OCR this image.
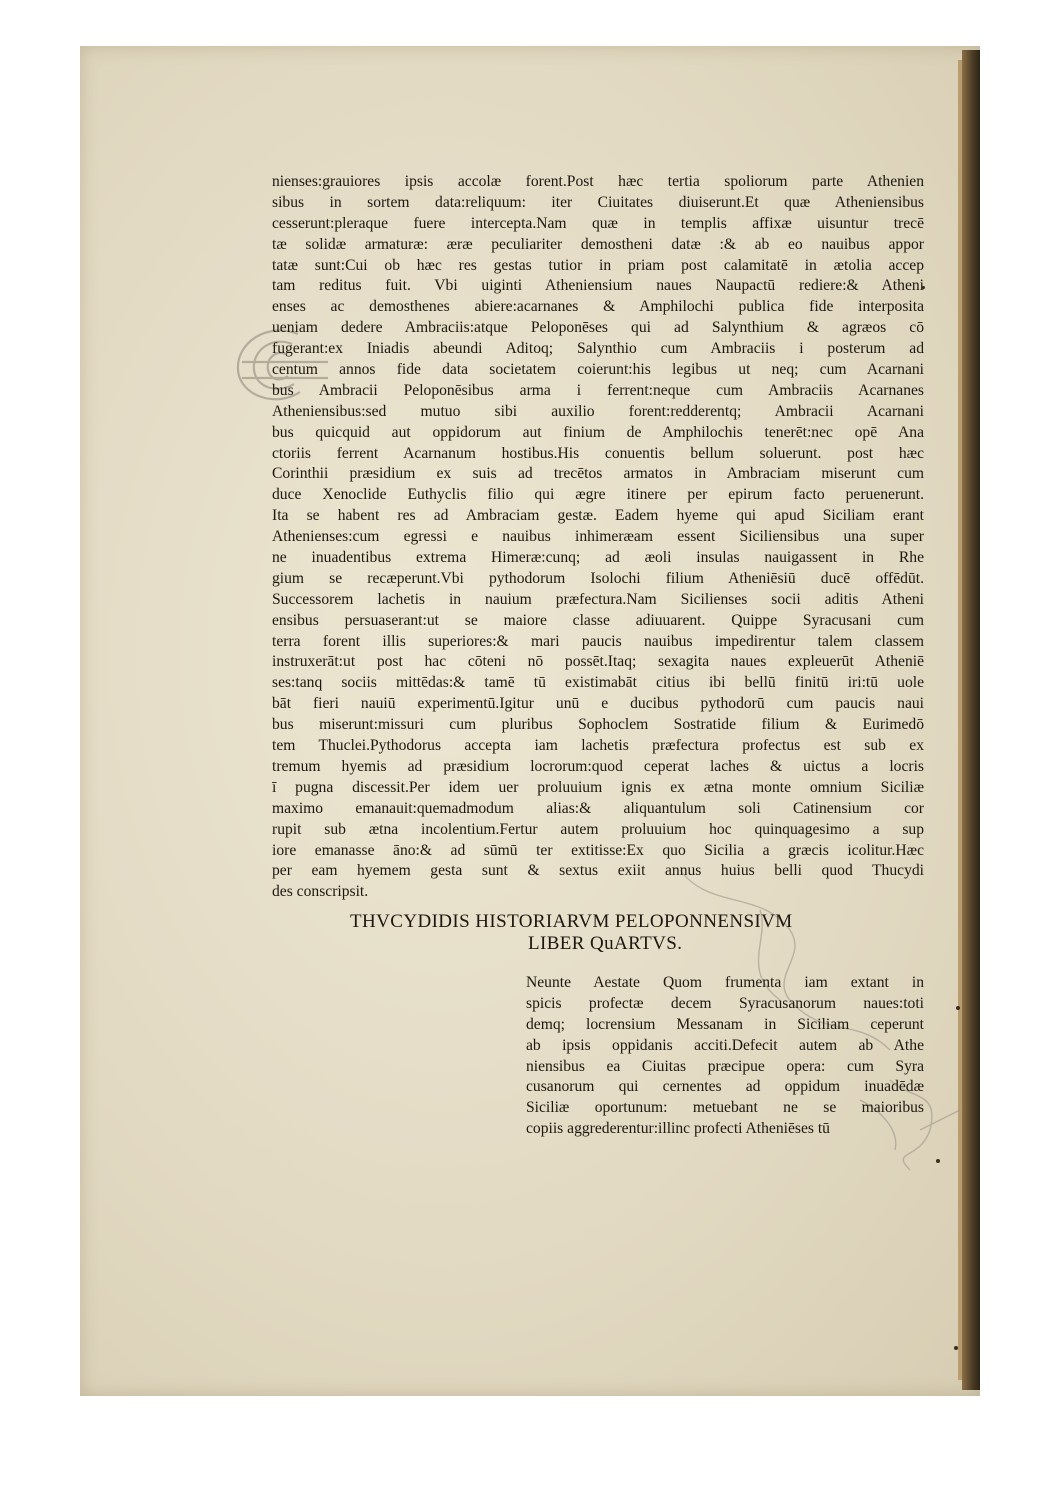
nienses:grauiores ipsis accolæ forent.Post hæc tertia spoliorum parte Athenien
sibus in sortem data:reliquum: iter Ciuitates diuiserunt.Et quæ Atheniensibus
cesserunt:pleraque fuere intercepta.Nam quæ in templis affixæ uisuntur trecē
tæ solidæ armaturæ: æræ peculiariter demostheni datæ :& ab eo nauibus appor
tatæ sunt:Cui ob hæc res gestas tutior in priam post calamitatē in ætolia accep
tam reditus fuit. Vbi uiginti Atheniensium naues Naupactū rediere:& Atheni
enses ac demosthenes abiere:acarnanes & Amphilochi publica fide interposita
ueniam dedere Ambraciis:atque Peloponēses qui ad Salynthium & agræos cō
fugerant:ex Iniadis abeundi Aditoq; Salynthio cum Ambraciis i posterum ad
centum annos fide data societatem coierunt:his legibus ut neq; cum Acarnani
bus Ambracii Peloponēsibus arma i ferrent:neque cum Ambraciis Acarnanes
Atheniensibus:sed mutuo sibi auxilio forent:redderentq; Ambracii Acarnani
bus quicquid aut oppidorum aut finium de Amphilochis tenerēt:nec opē Ana
ctoriis ferrent Acarnanum hostibus.His conuentis bellum soluerunt. post hæc
Corinthii præsidium ex suis ad trecētos armatos in Ambraciam miserunt cum
duce Xenoclide Euthyclis filio qui ægre itinere per epirum facto peruenerunt.
Ita se habent res ad Ambraciam gestæ. Eadem hyeme qui apud Siciliam erant
Athenienses:cum egressi e nauibus inhimeræam essent Siciliensibus una super
ne inuadentibus extrema Himeræ:cunq; ad æoli insulas nauigassent in Rhe
gium se recæperunt.Vbi pythodorum Isolochi filium Atheniēsiū ducē offēdūt.
Successorem lachetis in nauium præfectura.Nam Sicilienses socii aditis Atheni
ensibus persuaserant:ut se maiore classe adiuuarent. Quippe Syracusani cum
terra forent illis superiores:& mari paucis nauibus impedirentur talem classem
instruxerāt:ut post hac cōteni nō possēt.Itaq; sexagita naues expleuerūt Atheniē
ses:tanq sociis mittēdas:& tamē tū existimabāt citius ibi bellū finitū iri:tū uole
bāt fieri nauiū experimentū.Igitur unū e ducibus pythodorū cum paucis naui
bus miserunt:missuri cum pluribus Sophoclem Sostratide filium & Eurimedō
tem Thuclei.Pythodorus accepta iam lachetis præfectura profectus est sub ex
tremum hyemis ad præsidium locrorum:quod ceperat laches & uictus a locris
ī pugna discessit.Per idem uer proluuium ignis ex ætna monte omnium Siciliæ
maximo emanauit:quemadmodum alias:& aliquantulum soli Catinensium cor
rupit sub ætna incolentium.Fertur autem proluuium hoc quinquagesimo a sup
iore emanasse āno:& ad sūmū ter extitisse:Ex quo Sicilia a græcis icolitur.Hæc
per eam hyemem gesta sunt & sextus exiit annus huius belli quod Thucydi
des conscripsit.
THVCYDIDIS HISTORIARVM PELOPONNENSIVM
LIBER QuARTVS.
Neunte Aestate Quom frumenta iam extant in
spicis profectæ decem Syracusanorum naues:toti
demq; locrensium Messanam in Siciliam ceperunt
ab ipsis oppidanis acciti.Defecit autem ab Athe
niensibus ea Ciuitas præcipue opera: cum Syra
cusanorum qui cernentes ad oppidum inuadēdæ
Siciliæ oportunum: metuebant ne se maioribus
copiis aggrederentur:illinc profecti Atheniēses tū
